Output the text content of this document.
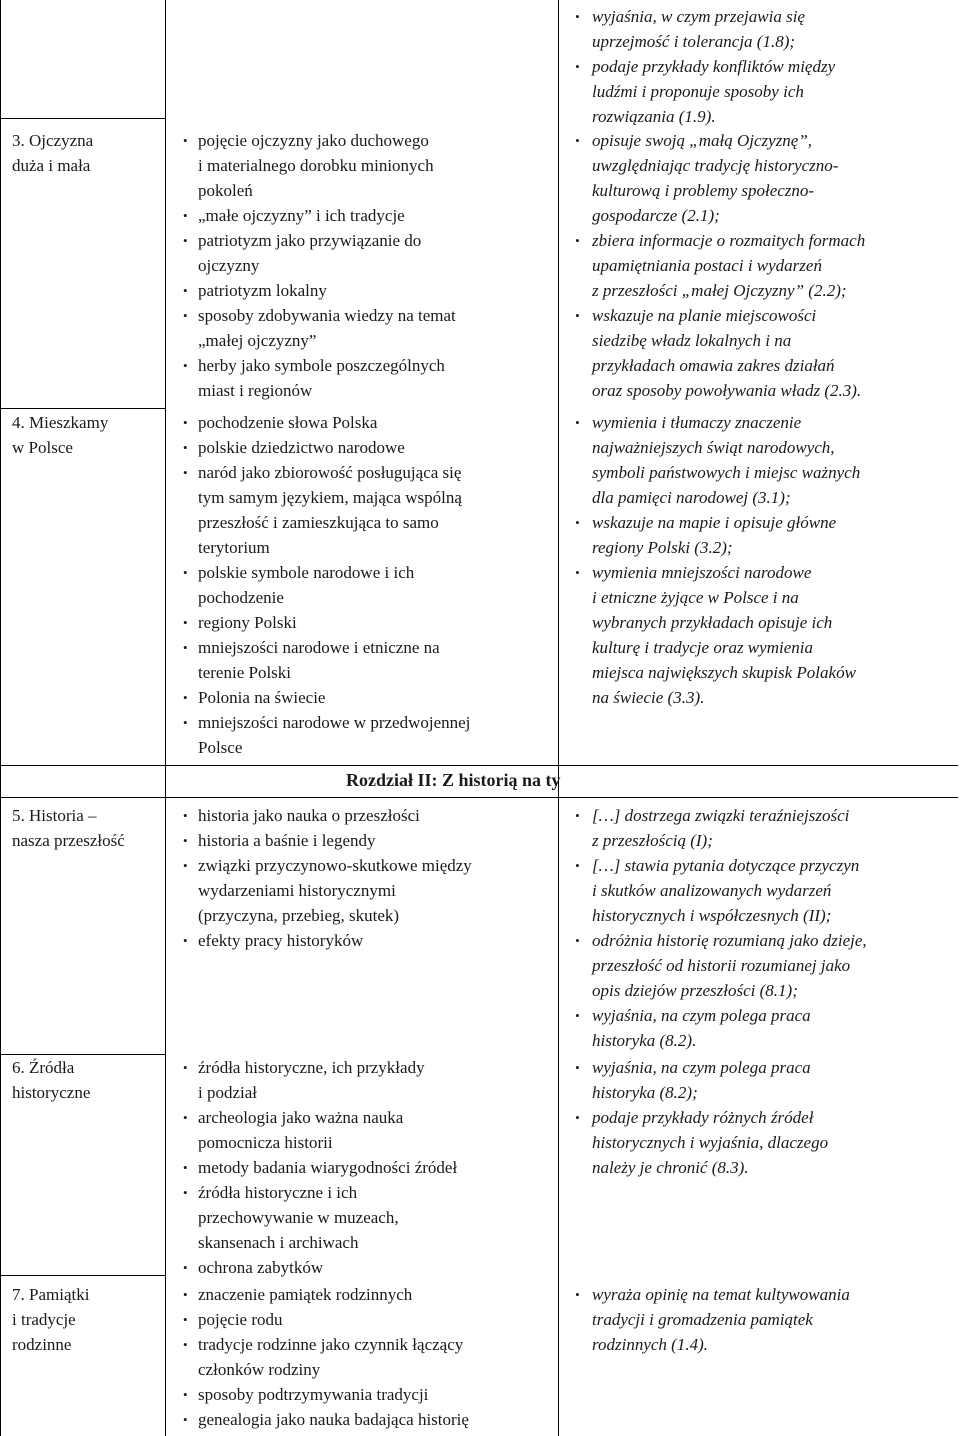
• wyjaśnia, w czym przejawia się
uprzejmość i tolerancja (1.8);
• podaje przykłady konfliktów między
ludźmi i proponuje sposoby ich
rozwiązania (1.9).
3. Ojczyzna
duża i mała
• pojęcie ojczyzny jako duchowego
i materialnego dorobku minionych
pokoleń
• „małe ojczyzny” i ich tradycje
• patriotyzm jako przywiązanie do
ojczyzny
• patriotyzm lokalny
• sposoby zdobywania wiedzy na temat
„małej ojczyzny”
• herby jako symbole poszczególnych
miast i regionów
• opisuje swoją „małą Ojczyznę”,
uwzględniając tradycję historyczno-
kulturową i problemy społeczno-
gospodarcze (2.1);
• zbiera informacje o rozmaitych formach
upamiętniania postaci i wydarzeń
z przeszłości „małej Ojczyzny” (2.2);
• wskazuje na planie miejscowości
siedzibę władz lokalnych i na
przykładach omawia zakres działań
oraz sposoby powoływania władz (2.3).
4. Mieszkamy
w Polsce
• pochodzenie słowa Polska
• polskie dziedzictwo narodowe
• naród jako zbiorowość posługująca się
tym samym językiem, mająca wspólną
przeszłość i zamieszkująca to samo
terytorium
• polskie symbole narodowe i ich
pochodzenie
• regiony Polski
• mniejszości narodowe i etniczne na
terenie Polski
• Polonia na świecie
• mniejszości narodowe w przedwojennej
Polsce
• wymienia i tłumaczy znaczenie
najważniejszych świąt narodowych,
symboli państwowych i miejsc ważnych
dla pamięci narodowej (3.1);
• wskazuje na mapie i opisuje główne
regiony Polski (3.2);
• wymienia mniejszości narodowe
i etniczne żyjące w Polsce i na
wybranych przykładach opisuje ich
kulturę i tradycje oraz wymienia
miejsca największych skupisk Polaków
na świecie (3.3).
Rozdział II: Z historią na ty
5. Historia –
nasza przeszłość
• historia jako nauka o przeszłości
• historia a baśnie i legendy
• związki przyczynowo-skutkowe między
wydarzeniami historycznymi
(przyczyna, przebieg, skutek)
• efekty pracy historyków
• […] dostrzega związki teraźniejszości
z przeszłością (I);
• […] stawia pytania dotyczące przyczyn
i skutków analizowanych wydarzeń
historycznych i współczesnych (II);
• odróżnia historię rozumianą jako dzieje,
przeszłość od historii rozumianej jako
opis dziejów przeszłości (8.1);
• wyjaśnia, na czym polega praca
historyka (8.2).
6. Źródła
historyczne
• źródła historyczne, ich przykłady
i podział
• archeologia jako ważna nauka
pomocnicza historii
• metody badania wiarygodności źródeł
• źródła historyczne i ich
przechowywanie w muzeach,
skansenach i archiwach
• ochrona zabytków
• wyjaśnia, na czym polega praca
historyka (8.2);
• podaje przykłady różnych źródeł
historycznych i wyjaśnia, dlaczego
należy je chronić (8.3).
7. Pamiątki
i tradycje
rodzinne
• znaczenie pamiątek rodzinnych
• pojęcie rodu
• tradycje rodzinne jako czynnik łączący
członków rodziny
• sposoby podtrzymywania tradycji
• genealogia jako nauka badająca historię
• wyraża opinię na temat kultywowania
tradycji i gromadzenia pamiątek
rodzinnych (1.4).
